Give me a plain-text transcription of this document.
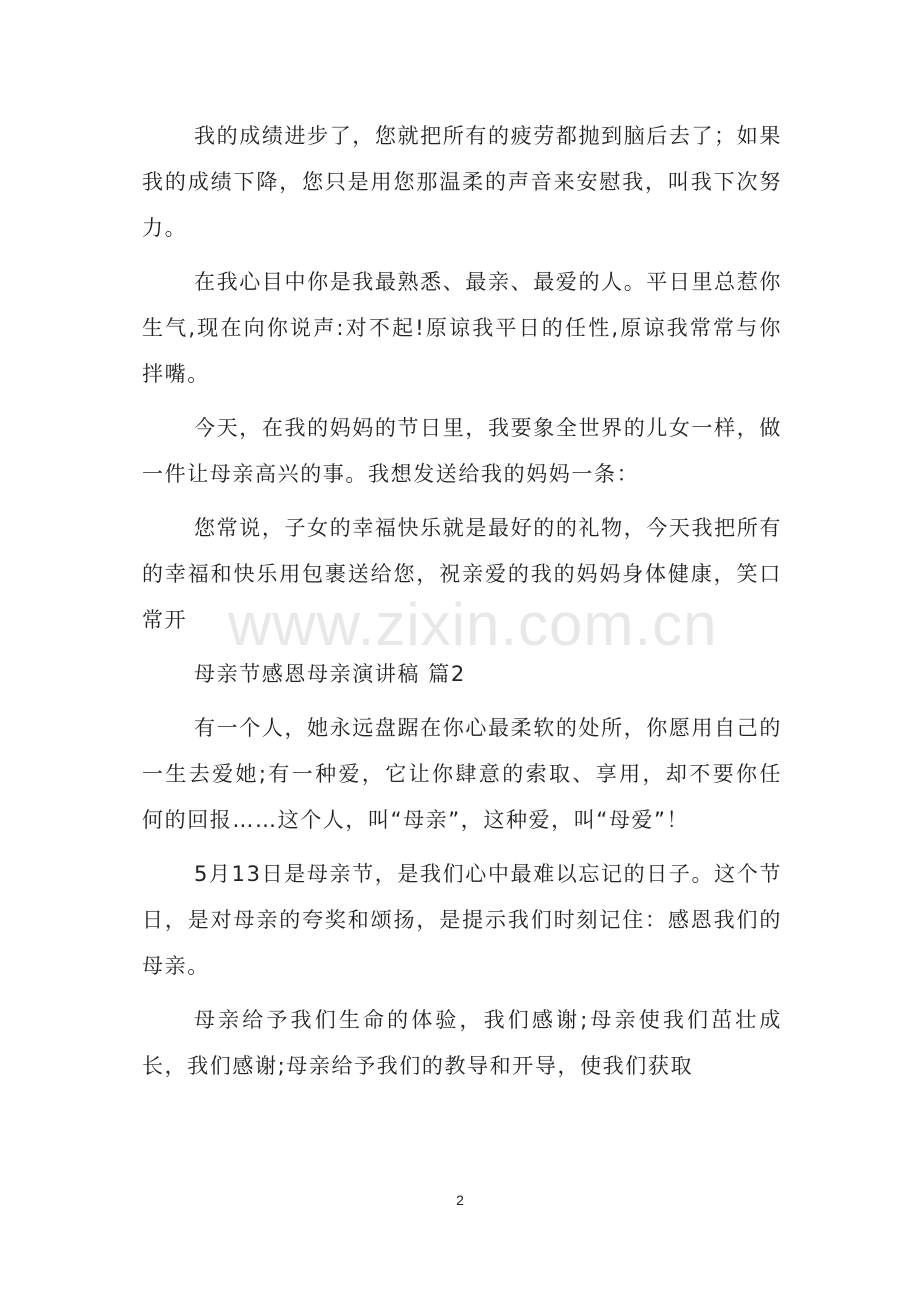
我的成绩进步了，您就把所有的疲劳都抛到脑后去了；如果我的成绩下降，您只是用您那温柔的声音来安慰我，叫我下次努力。

在我心目中你是我最熟悉、最亲、最爱的人。平日里总惹你生气,现在向你说声:对不起!原谅我平日的任性,原谅我常常与你拌嘴。

今天，在我的妈妈的节日里，我要象全世界的儿女一样，做一件让母亲高兴的事。我想发送给我的妈妈一条：

您常说，子女的幸福快乐就是最好的的礼物，今天我把所有的幸福和快乐用包裹送给您，祝亲爱的我的妈妈身体健康，笑口常开

母亲节感恩母亲演讲稿 篇2

有一个人，她永远盘踞在你心最柔软的处所，你愿用自己的一生去爱她;有一种爱，它让你肆意的索取、享用，却不要你任何的回报……这个人，叫“母亲”，这种爱，叫“母爱”！

5月13日是母亲节，是我们心中最难以忘记的日子。这个节日，是对母亲的夸奖和颂扬，是提示我们时刻记住：感恩我们的母亲。

母亲给予我们生命的体验，我们感谢;母亲使我们茁壮成长，我们感谢;母亲给予我们的教导和开导，使我们获取

www.zixin.com.cn
2
